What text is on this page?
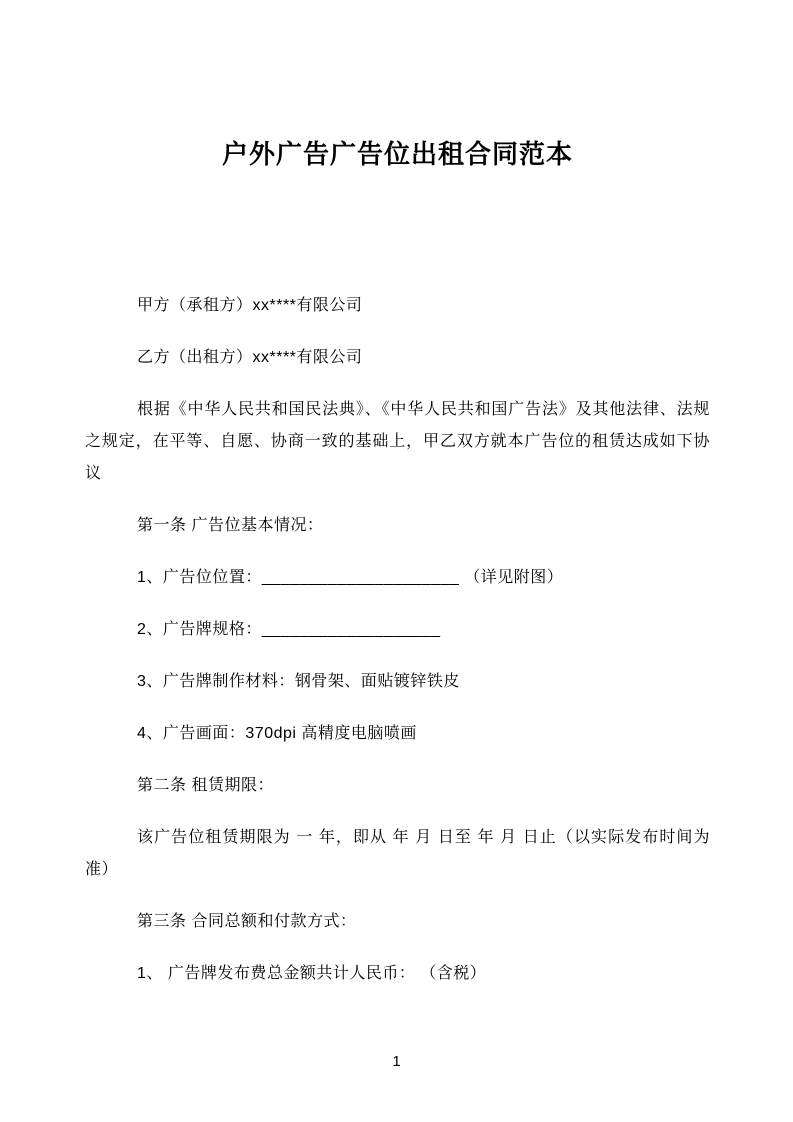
户外广告广告位出租合同范本

甲方（承租方）xx****有限公司

乙方（出租方）xx****有限公司

根据《中华人民共和国民法典》、《中华人民共和国广告法》及其他法律、法规之规定，在平等、自愿、协商一致的基础上，甲乙双方就本广告位的租赁达成如下协议

第一条 广告位基本情况：

1、广告位位置：_____________________ （详见附图）

2、广告牌规格：___________________

3、广告牌制作材料：钢骨架、面贴镀锌铁皮

4、广告画面：370dpi 高精度电脑喷画

第二条 租赁期限：

该广告位租赁期限为 一 年，即从 年 月 日至 年 月 日止（以实际发布时间为准）

第三条 合同总额和付款方式：

1、 广告牌发布费总金额共计人民币： （含税）

1
